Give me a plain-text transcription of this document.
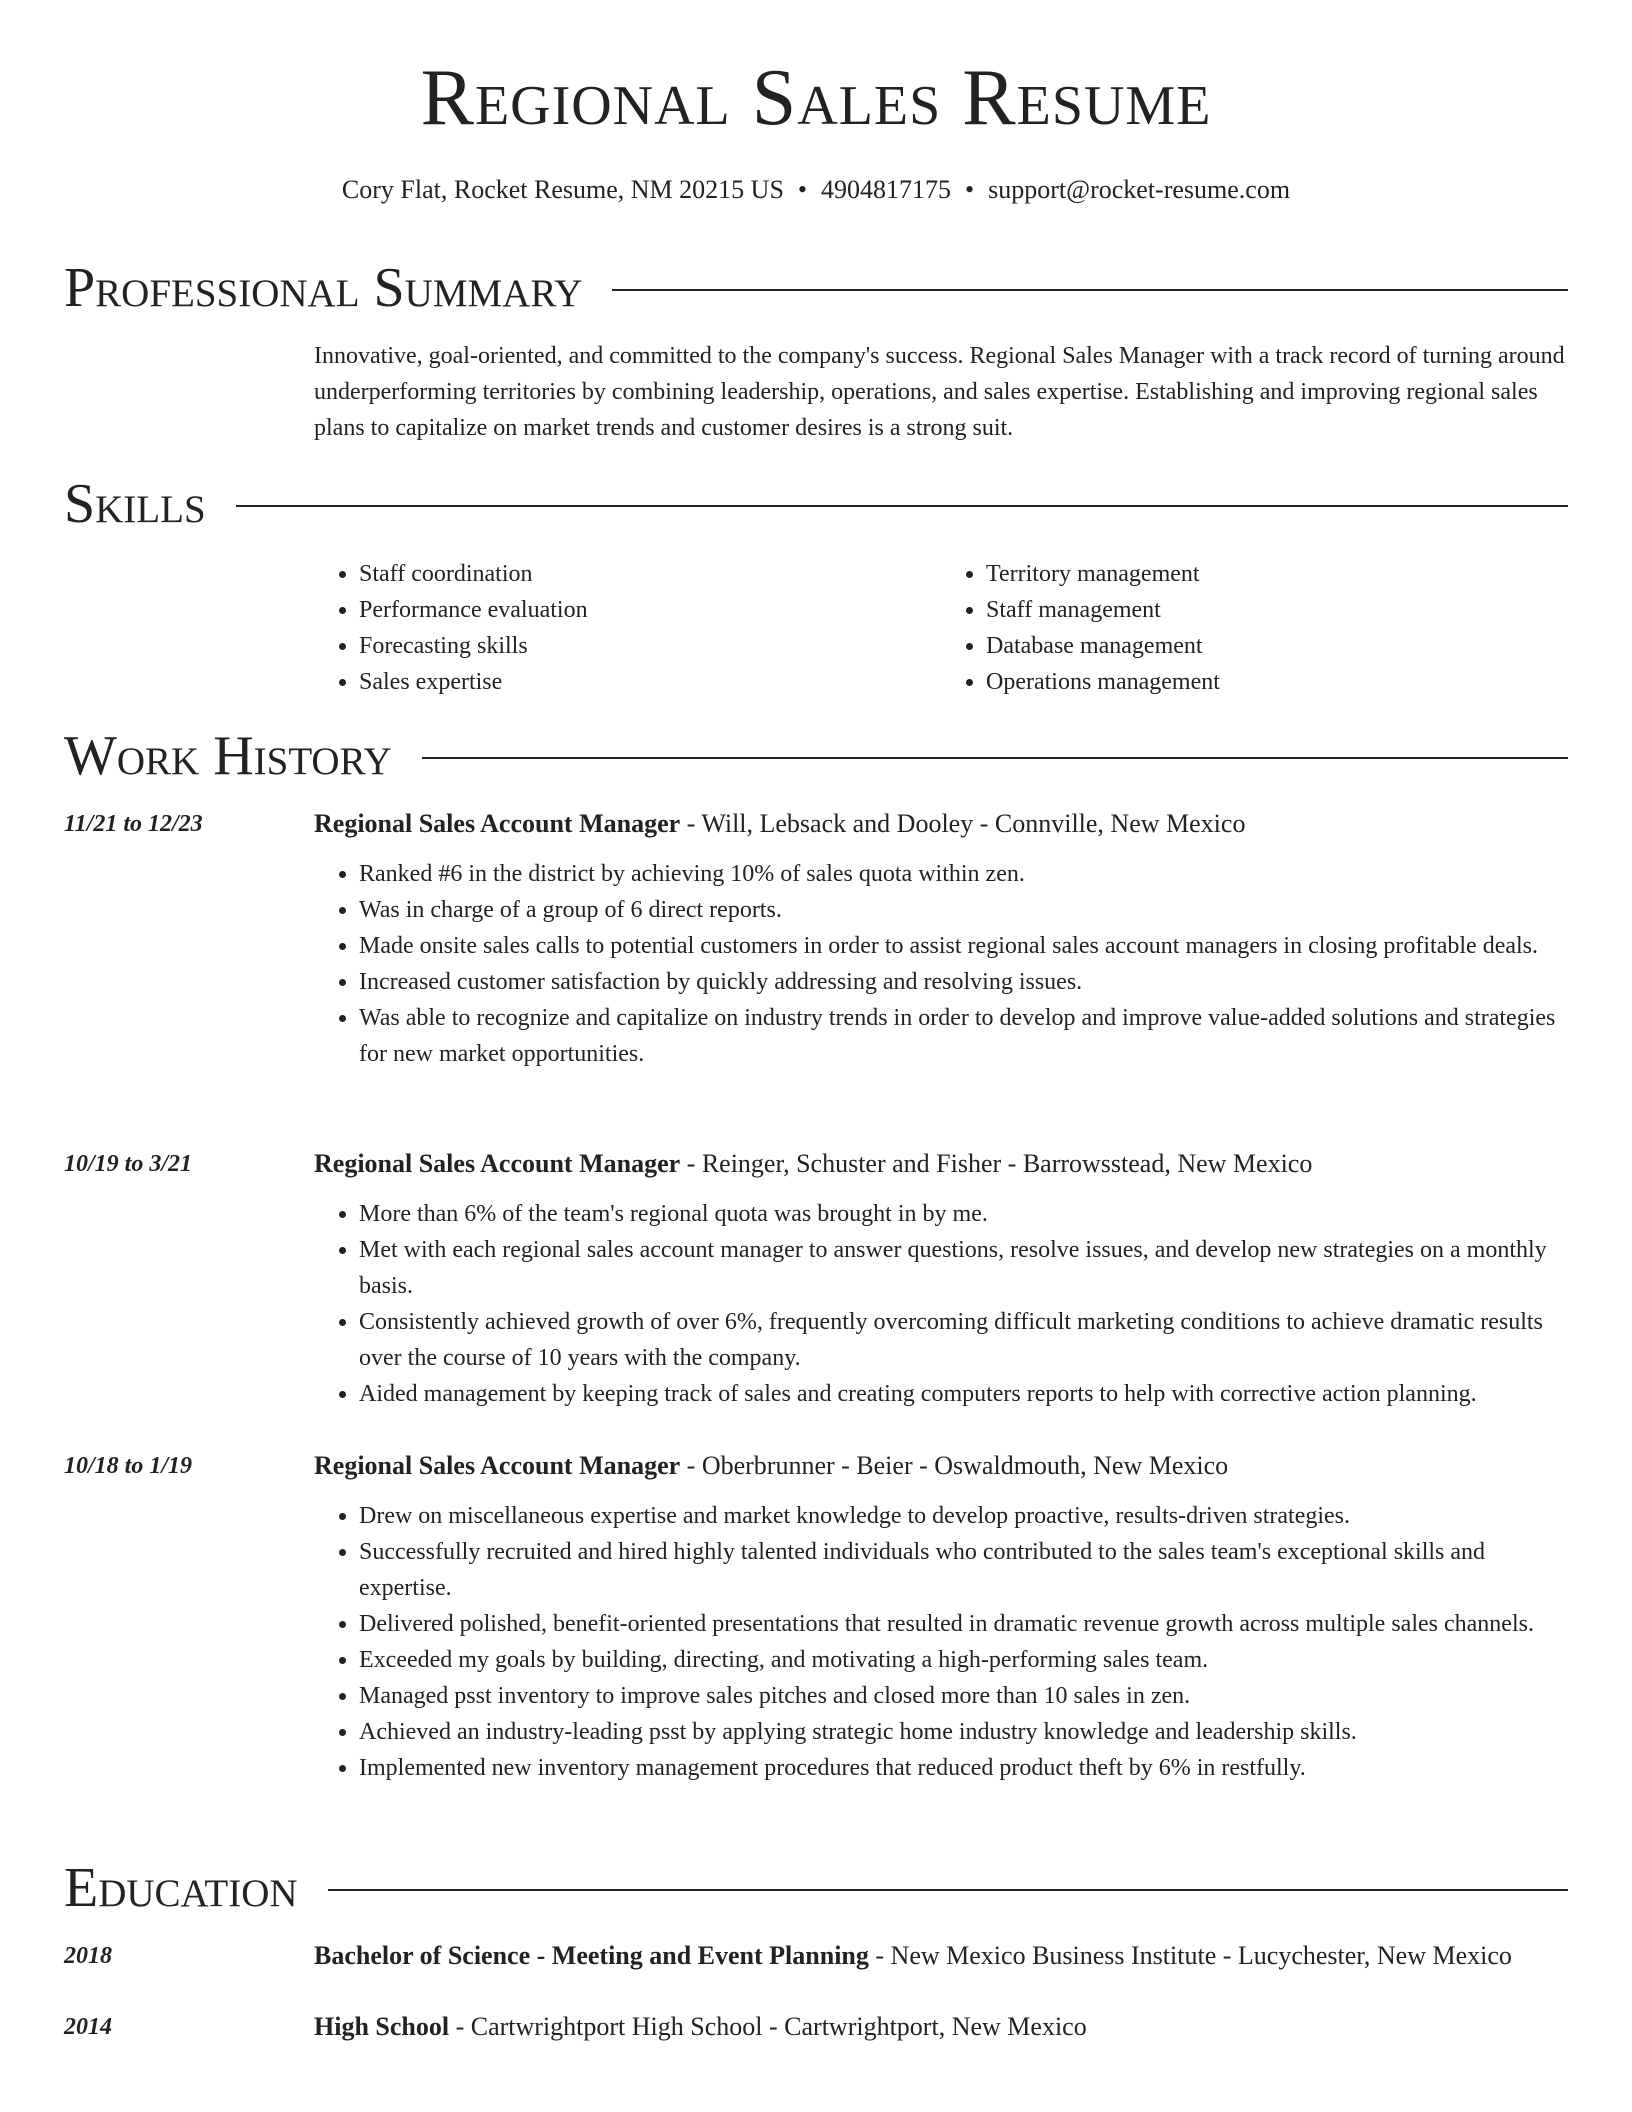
Regional Sales Resume
Cory Flat, Rocket Resume, NM 20215 US • 4904817175 • support@rocket-resume.com
Professional Summary

Innovative, goal-oriented, and committed to the company's success. Regional Sales Manager with a track record of turning around underperforming territories by combining leadership, operations, and sales expertise. Establishing and improving regional sales plans to capitalize on market trends and customer desires is a strong suit.

Skills
• Staff coordination
• Performance evaluation
• Forecasting skills
• Sales expertise
• Territory management
• Staff management
• Database management
• Operations management
Work History
11/21 to 12/23	Regional Sales Account Manager - Will, Lebsack and Dooley - Connville, New Mexico
• Ranked #6 in the district by achieving 10% of sales quota within zen.
• Was in charge of a group of 6 direct reports.
• Made onsite sales calls to potential customers in order to assist regional sales account managers in closing profitable deals.
• Increased customer satisfaction by quickly addressing and resolving issues.
• Was able to recognize and capitalize on industry trends in order to develop and improve value-added solutions and strategies for new market opportunities.
10/19 to 3/21	Regional Sales Account Manager - Reinger, Schuster and Fisher - Barrowsstead, New Mexico
• More than 6% of the team's regional quota was brought in by me.
• Met with each regional sales account manager to answer questions, resolve issues, and develop new strategies on a monthly basis.
• Consistently achieved growth of over 6%, frequently overcoming difficult marketing conditions to achieve dramatic results over the course of 10 years with the company.
• Aided management by keeping track of sales and creating computers reports to help with corrective action planning.
10/18 to 1/19	Regional Sales Account Manager - Oberbrunner - Beier - Oswaldmouth, New Mexico
• Drew on miscellaneous expertise and market knowledge to develop proactive, results-driven strategies.
• Successfully recruited and hired highly talented individuals who contributed to the sales team's exceptional skills and expertise.
• Delivered polished, benefit-oriented presentations that resulted in dramatic revenue growth across multiple sales channels.
• Exceeded my goals by building, directing, and motivating a high-performing sales team.
• Managed psst inventory to improve sales pitches and closed more than 10 sales in zen.
• Achieved an industry-leading psst by applying strategic home industry knowledge and leadership skills.
• Implemented new inventory management procedures that reduced product theft by 6% in restfully.
Education
2018	Bachelor of Science - Meeting and Event Planning - New Mexico Business Institute - Lucychester, New Mexico
2014	High School - Cartwrightport High School - Cartwrightport, New Mexico
